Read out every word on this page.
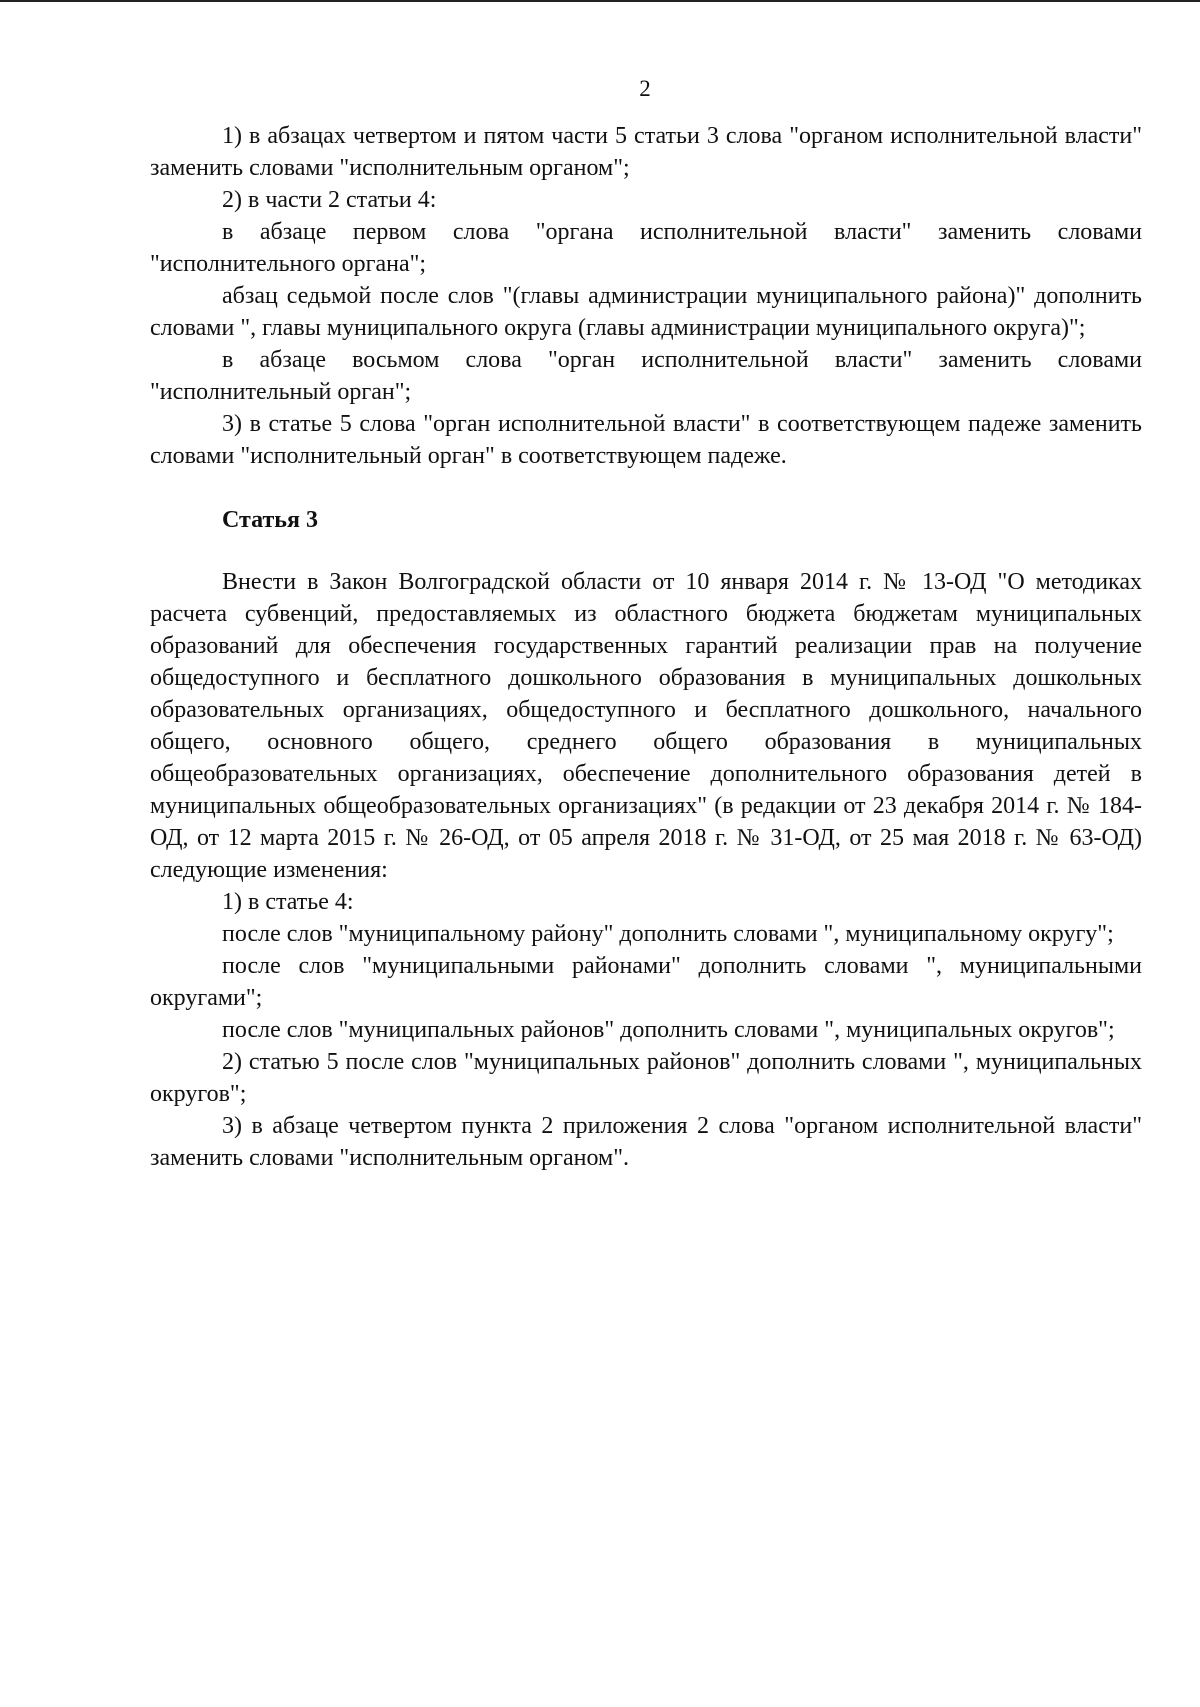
2

1) в абзацах четвертом и пятом части 5 статьи 3 слова "органом исполнительной власти" заменить словами "исполнительным органом";

2) в части 2 статьи 4:

в абзаце первом слова "органа исполнительной власти" заменить словами "исполнительного органа";

абзац седьмой после слов "(главы администрации муниципального района)" дополнить словами ", главы муниципального округа (главы администрации муниципального округа)";

в абзаце восьмом слова "орган исполнительной власти" заменить словами "исполнительный орган";

3) в статье 5 слова "орган исполнительной власти" в соответствующем падеже заменить словами "исполнительный орган" в соответствующем падеже.

Статья 3

Внести в Закон Волгоградской области от 10 января 2014 г. № 13-ОД "О методиках расчета субвенций, предоставляемых из областного бюджета бюджетам муниципальных образований для обеспечения государственных гарантий реализации прав на получение общедоступного и бесплатного дошкольного образования в муниципальных дошкольных образовательных организациях, общедоступного и бесплатного дошкольного, начального общего, основного общего, среднего общего образования в муниципальных общеобразовательных организациях, обеспечение дополнительного образования детей в муниципальных общеобразовательных организациях" (в редакции от 23 декабря 2014 г. № 184-ОД, от 12 марта 2015 г. № 26-ОД, от 05 апреля 2018 г. № 31-ОД, от 25 мая 2018 г. № 63-ОД) следующие изменения:

1) в статье 4:

после слов "муниципальному району" дополнить словами ", муниципальному округу";

после слов "муниципальными районами" дополнить словами ", муниципальными округами";

после слов "муниципальных районов" дополнить словами ", муниципальных округов";

2) статью 5 после слов "муниципальных районов" дополнить словами ", муниципальных округов";

3) в абзаце четвертом пункта 2 приложения 2 слова "органом исполнительной власти" заменить словами "исполнительным органом".
